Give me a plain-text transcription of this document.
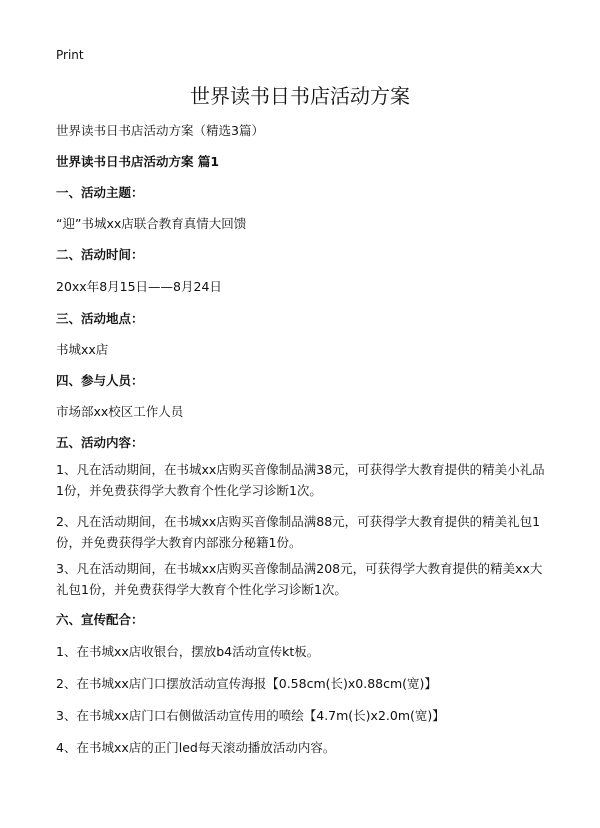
Print
世界读书日书店活动方案
世界读书日书店活动方案（精选3篇）
世界读书日书店活动方案 篇1
一、活动主题：
“迎”书城xx店联合教育真情大回馈
二、活动时间：
20xx年8月15日——8月24日
三、活动地点：
书城xx店
四、参与人员：
市场部xx校区工作人员
五、活动内容：
1、凡在活动期间，在书城xx店购买音像制品满38元，可获得学大教育提供的精美小礼品1份，并免费获得学大教育个性化学习诊断1次。
2、凡在活动期间，在书城xx店购买音像制品满88元，可获得学大教育提供的精美礼包1份，并免费获得学大教育内部涨分秘籍1份。
3、凡在活动期间，在书城xx店购买音像制品满208元，可获得学大教育提供的精美xx大礼包1份，并免费获得学大教育个性化学习诊断1次。
六、宣传配合：
1、在书城xx店收银台，摆放b4活动宣传kt板。
2、在书城xx店门口摆放活动宣传海报【0.58cm(长)x0.88cm(宽)】
3、在书城xx店门口右侧做活动宣传用的喷绘【4.7m(长)x2.0m(宽)】
4、在书城xx店的正门led每天滚动播放活动内容。
